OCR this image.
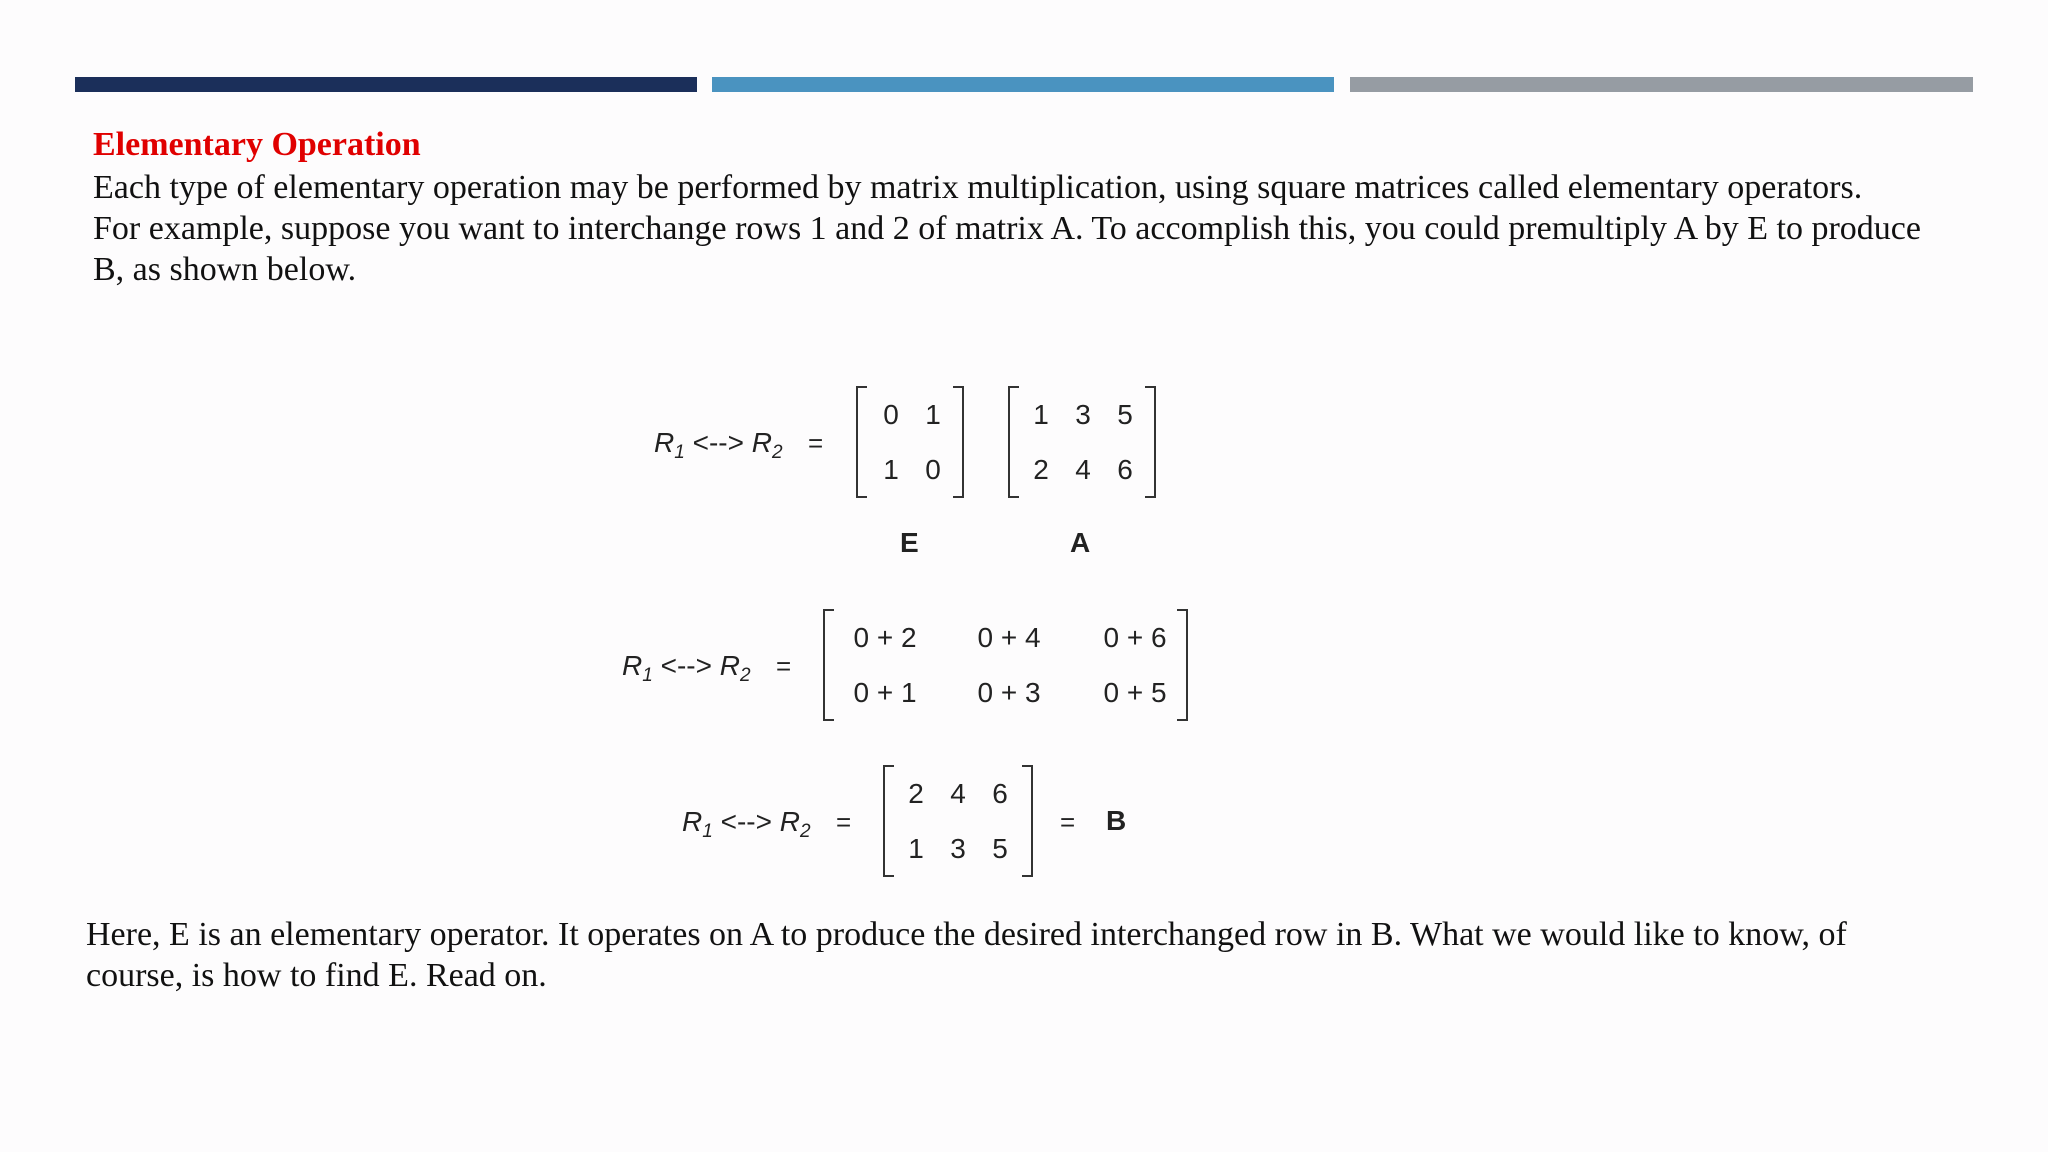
Elementary Operation
Each type of elementary operation may be performed by matrix multiplication, using square matrices called elementary operators.
For example, suppose you want to interchange rows 1 and 2 of matrix A. To accomplish this, you could premultiply A by E to produce
B, as shown below.
$R_1$ <--> $R_2$ =
0 1
1 0
1 3 5
2 4 6
E	A
$R_1$ <--> $R_2$ =
0 + 2	0 + 4	0 + 6
0 + 1	0 + 3	0 + 5
$R_1$ <--> $R_2$ =
2 4 6
1 3 5
= B
Here, E is an elementary operator. It operates on A to produce the desired interchanged row in B. What we would like to know, of
course, is how to find E. Read on.
